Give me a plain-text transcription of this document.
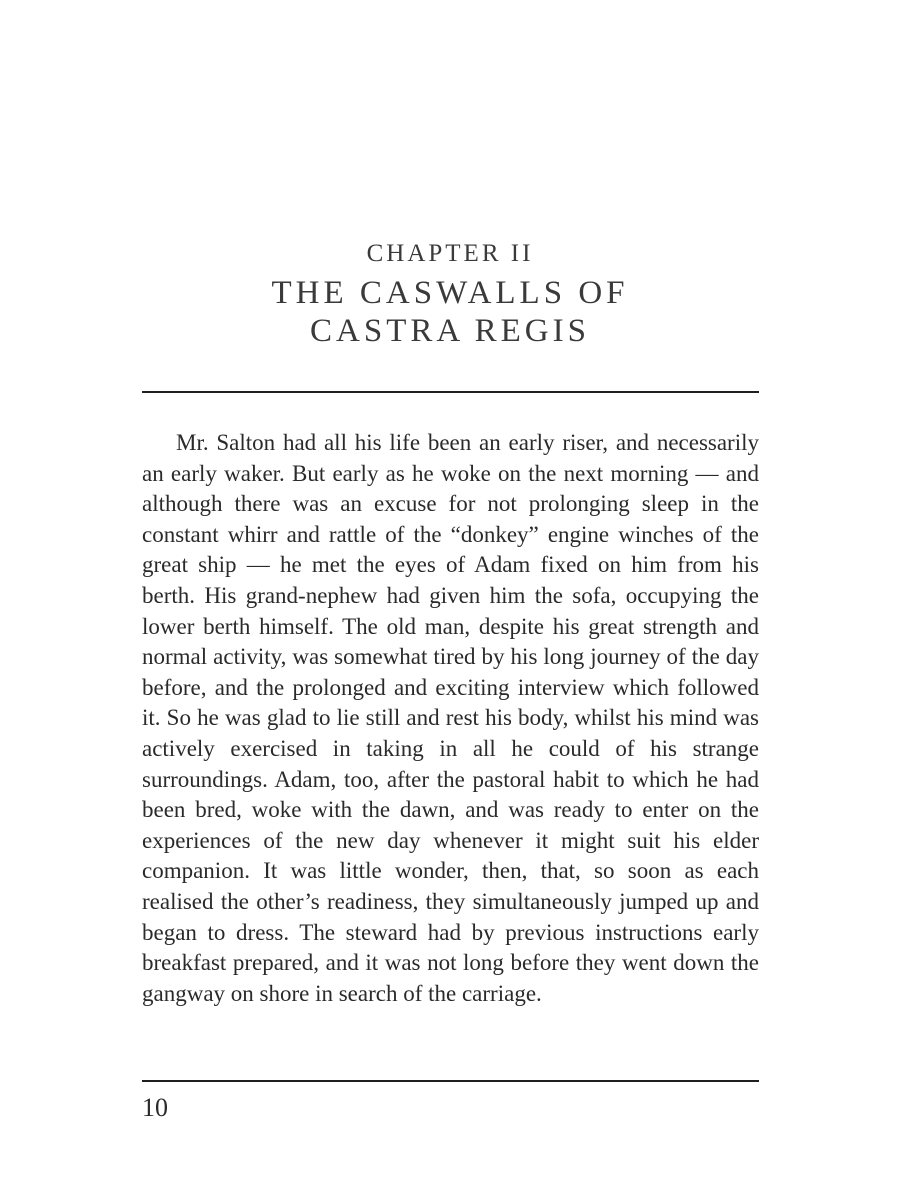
CHAPTER II
THE CASWALLS OF
CASTRA REGIS

Mr. Salton had all his life been an early riser, and necessarily an early waker. But early as he woke on the next morning — and although there was an excuse for not prolonging sleep in the constant whirr and rattle of the “donkey” engine winches of the great ship — he met the eyes of Adam fixed on him from his berth. His grand-nephew had given him the sofa, occupying the lower berth himself. The old man, despite his great strength and normal activity, was somewhat tired by his long journey of the day before, and the prolonged and exciting interview which followed it. So he was glad to lie still and rest his body, whilst his mind was actively exercised in taking in all he could of his strange surroundings. Adam, too, after the pastoral habit to which he had been bred, woke with the dawn, and was ready to enter on the experiences of the new day whenever it might suit his elder companion. It was little wonder, then, that, so soon as each realised the other’s readiness, they simultaneously jumped up and began to dress. The steward had by previous instructions early breakfast prepared, and it was not long before they went down the gangway on shore in search of the carriage.

10
